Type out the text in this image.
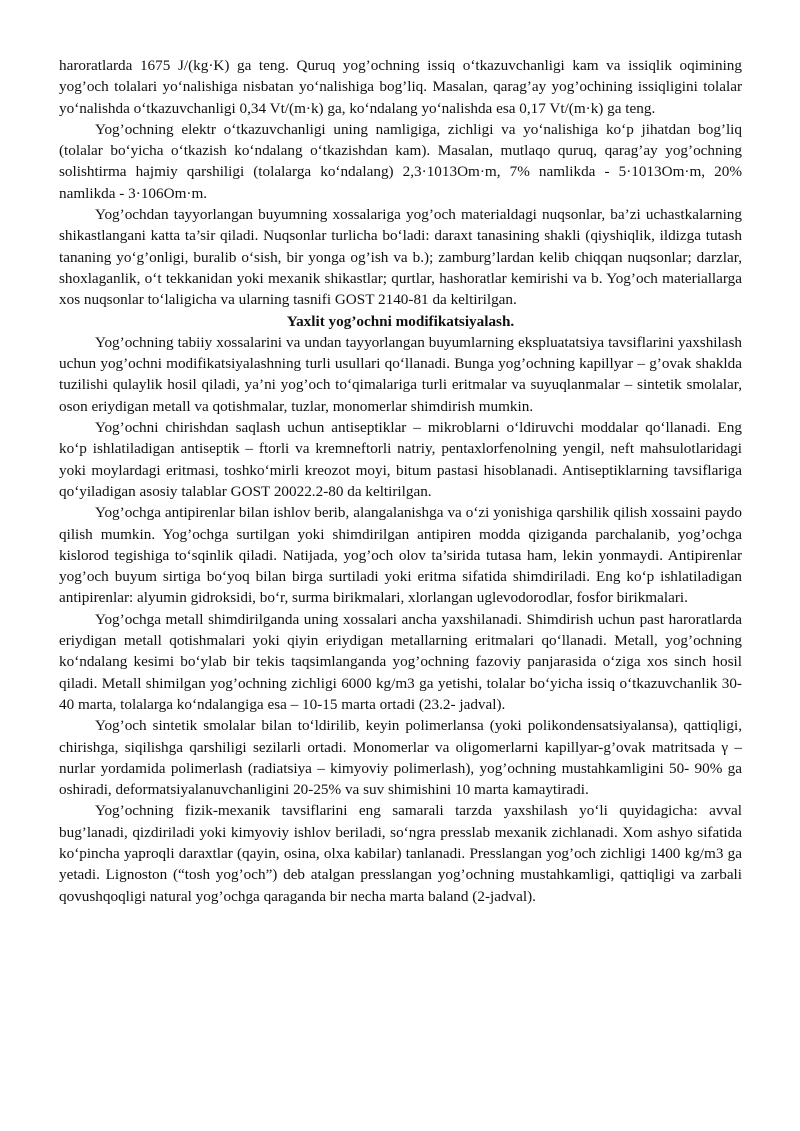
haroratlarda 1675 J/(kg·K) ga teng. Quruq yog’ochning issiq o‘tkazuvchanligi kam va issiqlik oqimining yog’och tolalari yo‘nalishiga nisbatan yo‘nalishiga bog’liq. Masalan, qarag’ay yog’ochining issiqligini tolalar yo‘nalishda o‘tkazuvchanligi 0,34 Vt/(m·k) ga, ko‘ndalang yo‘nalishda esa 0,17 Vt/(m·k) ga teng.

Yog’ochning elektr o‘tkazuvchanligi uning namligiga, zichligi va yo‘nalishiga ko‘p jihatdan bog’liq (tolalar bo‘yicha o‘tkazish ko‘ndalang o‘tkazishdan kam). Masalan, mutlaqo quruq, qarag’ay yog’ochning solishtirma hajmiy qarshiligi (tolalarga ko‘ndalang) 2,3·1013Om·m, 7% namlikda - 5·1013Om·m, 20% namlikda - 3·106Om·m.

Yog’ochdan tayyorlangan buyumning xossalariga yog’och materialdagi nuqsonlar, ba’zi uchastkalarning shikastlangani katta ta’sir qiladi. Nuqsonlar turlicha bo‘ladi: daraxt tanasining shakli (qiyshiqlik, ildizga tutash tananing yo‘g’onligi, buralib o‘sish, bir yonga og’ish va b.); zamburg’lardan kelib chiqqan nuqsonlar; darzlar, shoxlaganlik, o‘t tekkanidan yoki mexanik shikastlar; qurtlar, hashoratlar kemirishi va b. Yog’och materiallarga xos nuqsonlar to‘laligicha va ularning tasnifi GOST 2140-81 da keltirilgan.

Yaxlit yog’ochni modifikatsiyalash.

Yog’ochning tabiiy xossalarini va undan tayyorlangan buyumlarning ekspluatatsiya tavsiflarini yaxshilash uchun yog’ochni modifikatsiyalashning turli usullari qo‘llanadi. Bunga yog’ochning kapillyar – g’ovak shaklda tuzilishi qulaylik hosil qiladi, ya’ni yog’och to‘qimalariga turli eritmalar va suyuqlanmalar – sintetik smolalar, oson eriydigan metall va qotishmalar, tuzlar, monomerlar shimdirish mumkin.

Yog’ochni chirishdan saqlash uchun antiseptiklar – mikroblarni o‘ldiruvchi moddalar qo‘llanadi. Eng ko‘p ishlatiladigan antiseptik – ftorli va kremneftorli natriy, pentaxlorfenolning yengil, neft mahsulotlaridagi yoki moylardagi eritmasi, toshko‘mirli kreozot moyi, bitum pastasi hisoblanadi. Antiseptiklarning tavsiflariga qo‘yiladigan asosiy talablar GOST 20022.2-80 da keltirilgan.

Yog’ochga antipirenlar bilan ishlov berib, alangalanishga va o‘zi yonishiga qarshilik qilish xossaini paydo qilish mumkin. Yog’ochga surtilgan yoki shimdirilgan antipiren modda qiziganda parchalanib, yog’ochga kislorod tegishiga to‘sqinlik qiladi. Natijada, yog’och olov ta’sirida tutasa ham, lekin yonmaydi. Antipirenlar yog’och buyum sirtiga bo‘yoq bilan birga surtiladi yoki eritma sifatida shimdiriladi. Eng ko‘p ishlatiladigan antipirenlar: alyumin gidroksidi, bo‘r, surma birikmalari, xlorlangan uglevodorodlar, fosfor birikmalari.

Yog’ochga metall shimdirilganda uning xossalari ancha yaxshilanadi. Shimdirish uchun past haroratlarda eriydigan metall qotishmalari yoki qiyin eriydigan metallarning eritmalari qo‘llanadi. Metall, yog’ochning ko‘ndalang kesimi bo‘ylab bir tekis taqsimlanganda yog’ochning fazoviy panjarasida o‘ziga xos sinch hosil qiladi. Metall shimilgan yog’ochning zichligi 6000 kg/m3 ga yetishi, tolalar bo‘yicha issiq o‘tkazuvchanlik 30-40 marta, tolalarga ko‘ndalangiga esa – 10-15 marta ortadi (23.2- jadval).

Yog’och sintetik smolalar bilan to‘ldirilib, keyin polimerlansa (yoki polikondensatsiyalansa), qattiqligi, chirishga, siqilishga qarshiligi sezilarli ortadi. Monomerlar va oligomerlarni kapillyar-g’ovak matritsada γ – nurlar yordamida polimerlash (radiatsiya – kimyoviy polimerlash), yog’ochning mustahkamligini 50- 90% ga oshiradi, deformatsiyalanuvchanligini 20-25% va suv shimishini 10 marta kamaytiradi.

Yog’ochning fizik-mexanik tavsiflarini eng samarali tarzda yaxshilash yo‘li quyidagicha: avval bug’lanadi, qizdiriladi yoki kimyoviy ishlov beriladi, so‘ngra presslab mexanik zichlanadi. Xom ashyo sifatida ko‘pincha yaproqli daraxtlar (qayin, osina, olxa kabilar) tanlanadi. Presslangan yog’och zichligi 1400 kg/m3 ga yetadi. Lignoston (“tosh yog’och”) deb atalgan presslangan yog’ochning mustahkamligi, qattiqligi va zarbali qovushqoqligi natural yog’ochga qaraganda bir necha marta baland (2-jadval).
